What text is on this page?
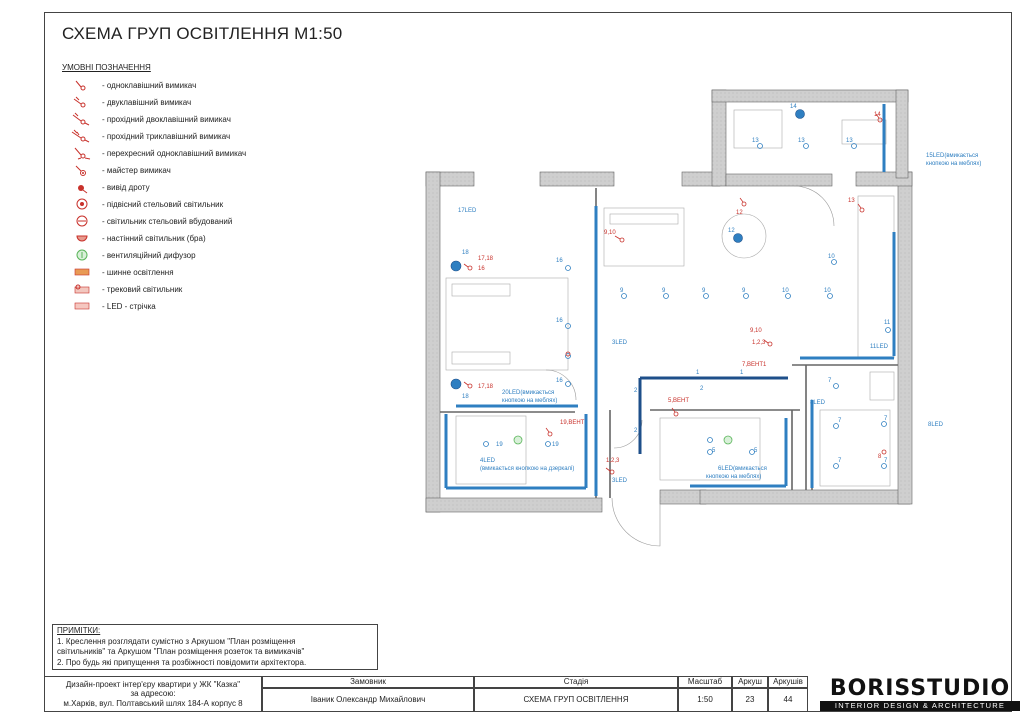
СХЕМА ГРУП ОСВІТЛЕННЯ М1:50
УМОВНІ ПОЗНАЧЕННЯ
- одноклавішний вимикач
- двуклавішний вимикач
- прохідний двоклавішний вимикач
- прохідний триклавішний вимикач
- перехресний одноклавішний вимикач
- майстер вимикач
- вивід дроту
- підвісний стельовий світильник
- світильник стельовий вбудований
- настінний світильник (бра)
- вентиляційний дифузор
- шинне освітлення
- трековий світильник
- LED - стрічка
17LED
15LED(вмикається
кнопкою на меблях)
3LED
3LED
11LED
20LED(вмикається
кнопкою на меблях)
4LED
(вмикається кнопкою на дзеркалі)	6LED(вмикається
кнопкою на меблях)
8LED
8LED
9,10
9,10
1,2,3
1,2,3
7,ВЕНТ1
5,ВЕНТ
19,ВЕНТ
17,18
17,18
12
13
14
16
8
18
16
16
16
18
19	19
9	9	9	9	10	10
10
11
12
13	13	13
14
7
7	7
7	7
5	5
1	1
2
2
2
ПРИМІТКИ:
1. Креслення розглядати сумістно з Аркушом "План розміщення
світильників" та Аркушом "План розміщення розеток та вимикачів"
2. Про будь які припущення та розбіжності повідомити архітектора.
Дизайн-проект інтер'єру квартири у ЖК "Казка"
за адресою:
м.Харків, вул. Полтавський шлях 184-А корпус 8
Замовник
Іваник Олександр Михайлович
Стадія
СХЕМА ГРУП ОСВІТЛЕННЯ
Масштаб
1:50
Аркуш
23
Аркушів
44	BORISSTUDIO
INTERIOR DESIGN & ARCHITECTURE
